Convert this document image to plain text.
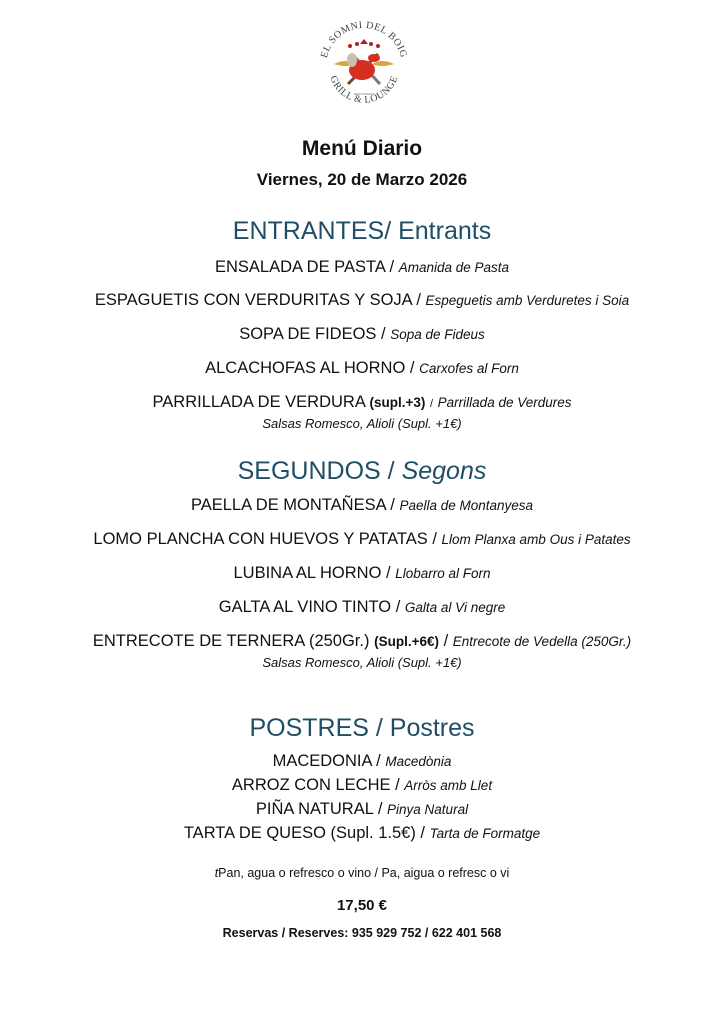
EL SOMNI DEL BOIG
GRILL & LOUNGE
RESTAURANT
Menú Diario
Viernes, 20 de Marzo 2026
ENTRANTES/ Entrants
ENSALADA DE PASTA / Amanida de Pasta
ESPAGUETIS CON VERDURITAS Y SOJA / Espeguetis amb Verduretes i Soia
SOPA DE FIDEOS / Sopa de Fideus
ALCACHOFAS AL HORNO / Carxofes al Forn
PARRILLADA DE VERDURA (supl.+3) / Parrillada de Verdures
Salsas Romesco, Alioli (Supl. +1€)
SEGUNDOS / Segons
PAELLA DE MONTAÑESA / Paella de Montanyesa
LOMO PLANCHA CON HUEVOS Y PATATAS / Llom Planxa amb Ous i Patates
LUBINA AL HORNO / Llobarro al Forn
GALTA AL VINO TINTO / Galta al Vi negre
ENTRECOTE DE TERNERA (250Gr.) (Supl.+6€) / Entrecote de Vedella (250Gr.)
Salsas Romesco, Alioli (Supl. +1€)
POSTRES / Postres
MACEDONIA / Macedònia
ARROZ CON LECHE / Arròs amb Llet
PIÑA NATURAL / Pinya Natural
TARTA DE QUESO (Supl. 1.5€) / Tarta de Formatge
tPan, agua o refresco o vino / Pa, aigua o refresc o vi
17,50 €
Reservas / Reserves: 935 929 752 / 622 401 568
